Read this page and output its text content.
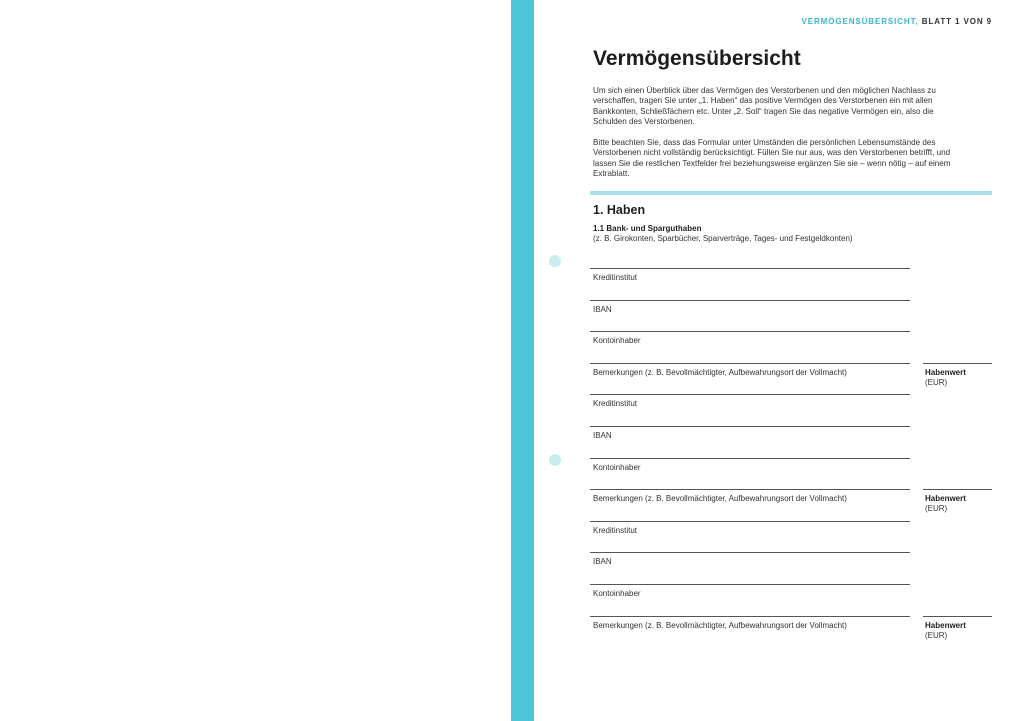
VERMÖGENSÜBERSICHT, BLATT 1 VON 9
Vermögensübersicht

Um sich einen Überblick über das Vermögen des Verstorbenen und den möglichen Nachlass zu verschaffen, tragen Sie unter „1. Haben“ das positive Vermögen des Verstorbenen ein mit allen Bankkonten, Schließfächern etc. Unter „2. Soll“ tragen Sie das negative Vermögen ein, also die Schulden des Verstorbenen.

Bitte beachten Sie, dass das Formular unter Umständen die persönlichen Lebensumstände des Verstorbenen nicht vollständig berücksichtigt. Füllen Sie nur aus, was den Verstorbenen betrifft, und lassen Sie die restlichen Textfelder frei beziehungsweise ergänzen Sie sie – wenn nötig – auf einem Extrablatt.

1. Haben
1.1 Bank- und Sparguthaben
(z. B. Girokonten, Sparbücher, Sparverträge, Tages- und Festgeldkonten)
Kreditinstitut
IBAN
Kontoinhaber
Bemerkungen (z. B. Bevollmächtigter, Aufbewahrungsort der Vollmacht)	Habenwert
(EUR)
Kreditinstitut
IBAN
Kontoinhaber
Bemerkungen (z. B. Bevollmächtigter, Aufbewahrungsort der Vollmacht)	Habenwert
(EUR)
Kreditinstitut
IBAN
Kontoinhaber
Bemerkungen (z. B. Bevollmächtigter, Aufbewahrungsort der Vollmacht)	Habenwert
(EUR)
